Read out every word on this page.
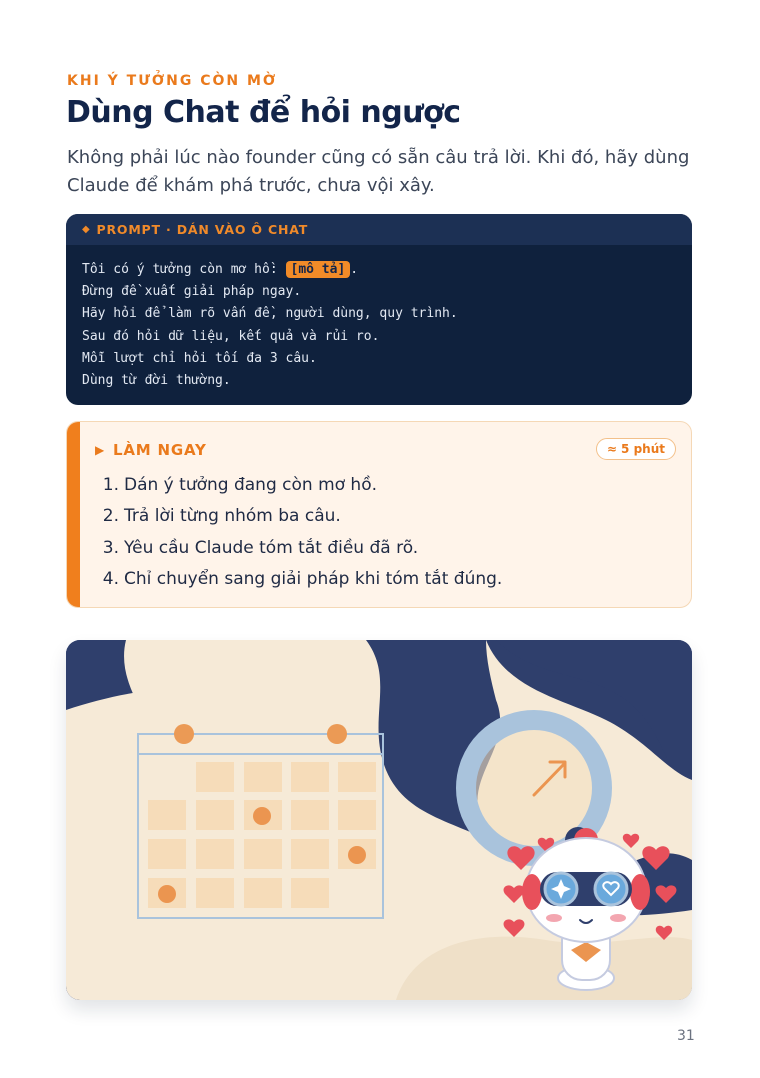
KHI Ý TƯỞNG CÒN MỜ
Dùng Chat để hỏi ngược

Không phải lúc nào founder cũng có sẵn câu trả lời. Khi đó, hãy dùng Claude để khám phá trước, chưa vội xây.

◆ PROMPT · DÁN VÀO Ô CHAT
Tôi có ý tưởng còn mơ hồ: [mô tả] .
Đừng đề xuất giải pháp ngay.
Hãy hỏi để làm rõ vấn đề, người dùng, quy trình.
Sau đó hỏi dữ liệu, kết quả và rủi ro.
Mỗi lượt chỉ hỏi tối đa 3 câu.
Dùng từ đời thường.
▶ LÀM NGAY	≈ 5 phút
1. Dán ý tưởng đang còn mơ hồ.
2. Trả lời từng nhóm ba câu.
3. Yêu cầu Claude tóm tắt điều đã rõ.
4. Chỉ chuyển sang giải pháp khi tóm tắt đúng.
31
